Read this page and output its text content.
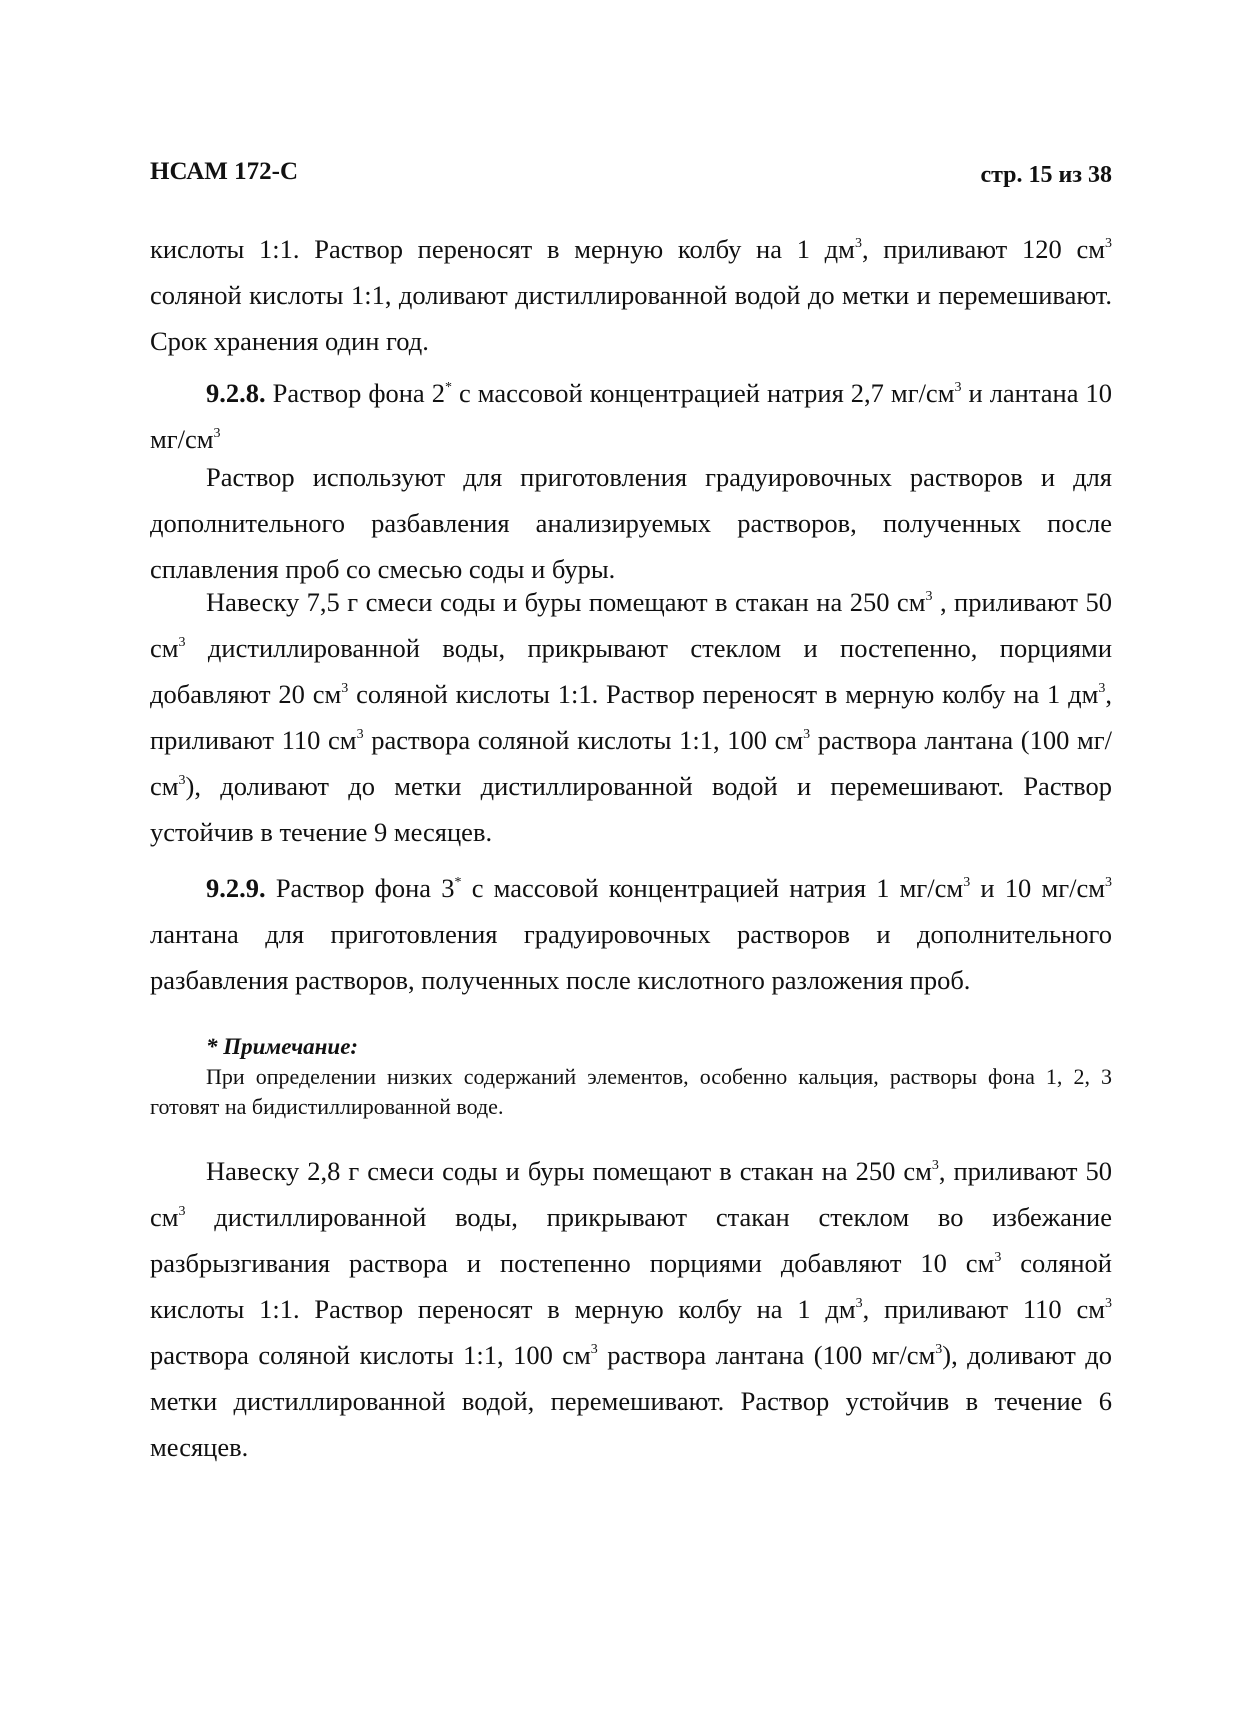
НСАМ 172-С	стр. 15 из 38

кислоты 1:1. Раствор переносят в мерную колбу на 1 $дм^3$, приливают 120 $см^3$ соляной кислоты 1:1, доливают дистиллированной водой до метки и перемешивают. Срок хранения один год.

9.2.8. Раствор фона 2* с массовой концентрацией натрия 2,7 $мг/см^3$ и лантана 10 $мг/см^3$

Раствор используют для приготовления градуировочных растворов и для дополнительного разбавления анализируемых растворов, полученных после сплавления проб со смесью соды и буры.

Навеску 7,5 г смеси соды и буры помещают в стакан на 250 $см^3$ , приливают 50 $см^3$ дистиллированной воды, прикрывают стеклом и постепенно, порциями добавляют 20 $см^3$ соляной кислоты 1:1. Раствор переносят в мерную колбу на 1 $дм^3$, приливают 110 $см^3$ раствора соляной кислоты 1:1, 100 $см^3$ раствора лантана (100 $мг/см^3$), доливают до метки дистиллированной водой и перемешивают. Раствор устойчив в течение 9 месяцев.

9.2.9. Раствор фона 3* с массовой концентрацией натрия 1 $мг/см^3$ и 10 $мг/см^3$ лантана для приготовления градуировочных растворов и дополнительного разбавления растворов, полученных после кислотного разложения проб.

* Примечание:
При определении низких содержаний элементов, особенно кальция, растворы фона 1, 2, 3 готовят на бидистиллированной воде.

Навеску 2,8 г смеси соды и буры помещают в стакан на 250 $см^3$, приливают 50 $см^3$ дистиллированной воды, прикрывают стакан стеклом во избежание разбрызгивания раствора и постепенно порциями добавляют 10 $см^3$ соляной кислоты 1:1. Раствор переносят в мерную колбу на 1 $дм^3$, приливают 110 $см^3$ раствора соляной кислоты 1:1, 100 $см^3$ раствора лантана (100 $мг/см^3$), доливают до метки дистиллированной водой, перемешивают. Раствор устойчив в течение 6 месяцев.
